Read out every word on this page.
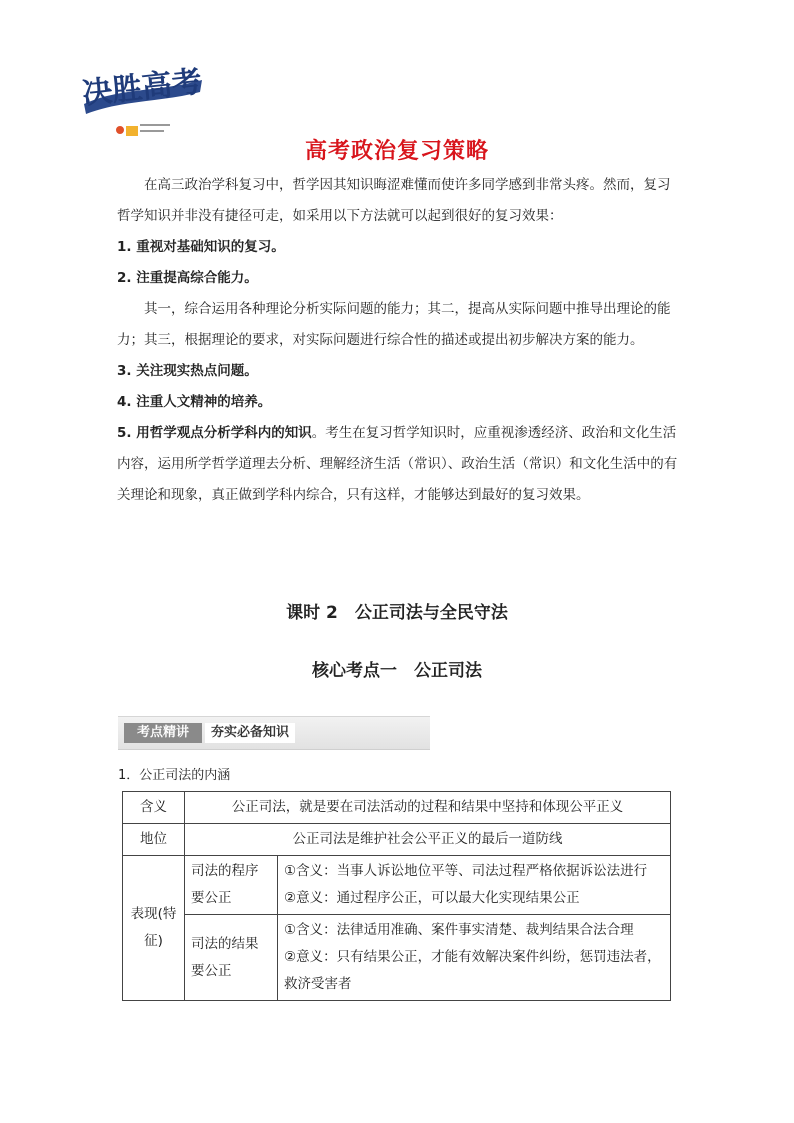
决胜高考
高考政治复习策略

在高三政治学科复习中，哲学因其知识晦涩难懂而使许多同学感到非常头疼。然而，复习哲学知识并非没有捷径可走，如采用以下方法就可以起到很好的复习效果：

1. 重视对基础知识的复习。

2. 注重提高综合能力。

其一，综合运用各种理论分析实际问题的能力；其二，提高从实际问题中推导出理论的能力；其三，根据理论的要求，对实际问题进行综合性的描述或提出初步解决方案的能力。

3. 关注现实热点问题。

4. 注重人文精神的培养。

5. 用哲学观点分析学科内的知识。考生在复习哲学知识时，应重视渗透经济、政治和文化生活内容，运用所学哲学道理去分析、理解经济生活（常识）、政治生活（常识）和文化生活中的有关理论和现象，真正做到学科内综合，只有这样，才能够达到最好的复习效果。

课时 2　公正司法与全民守法
核心考点一　公正司法
考点精讲	夯实必备知识
1．公正司法的内涵
含义	公正司法，就是要在司法活动的过程和结果中坚持和体现公平正义	
地位	公正司法是维护社会公平正义的最后一道防线	
表现(特征)	司法的程序要公正	①含义：当事人诉讼地位平等、司法过程严格依据诉讼法进行
②意义：通过程序公正，可以最大化实现结果公正

	司法的结果要公正	①含义：法律适用准确、案件事实清楚、裁判结果合法合理
②意义：只有结果公正，才能有效解决案件纠纷，惩罚违法者，救济受害者
